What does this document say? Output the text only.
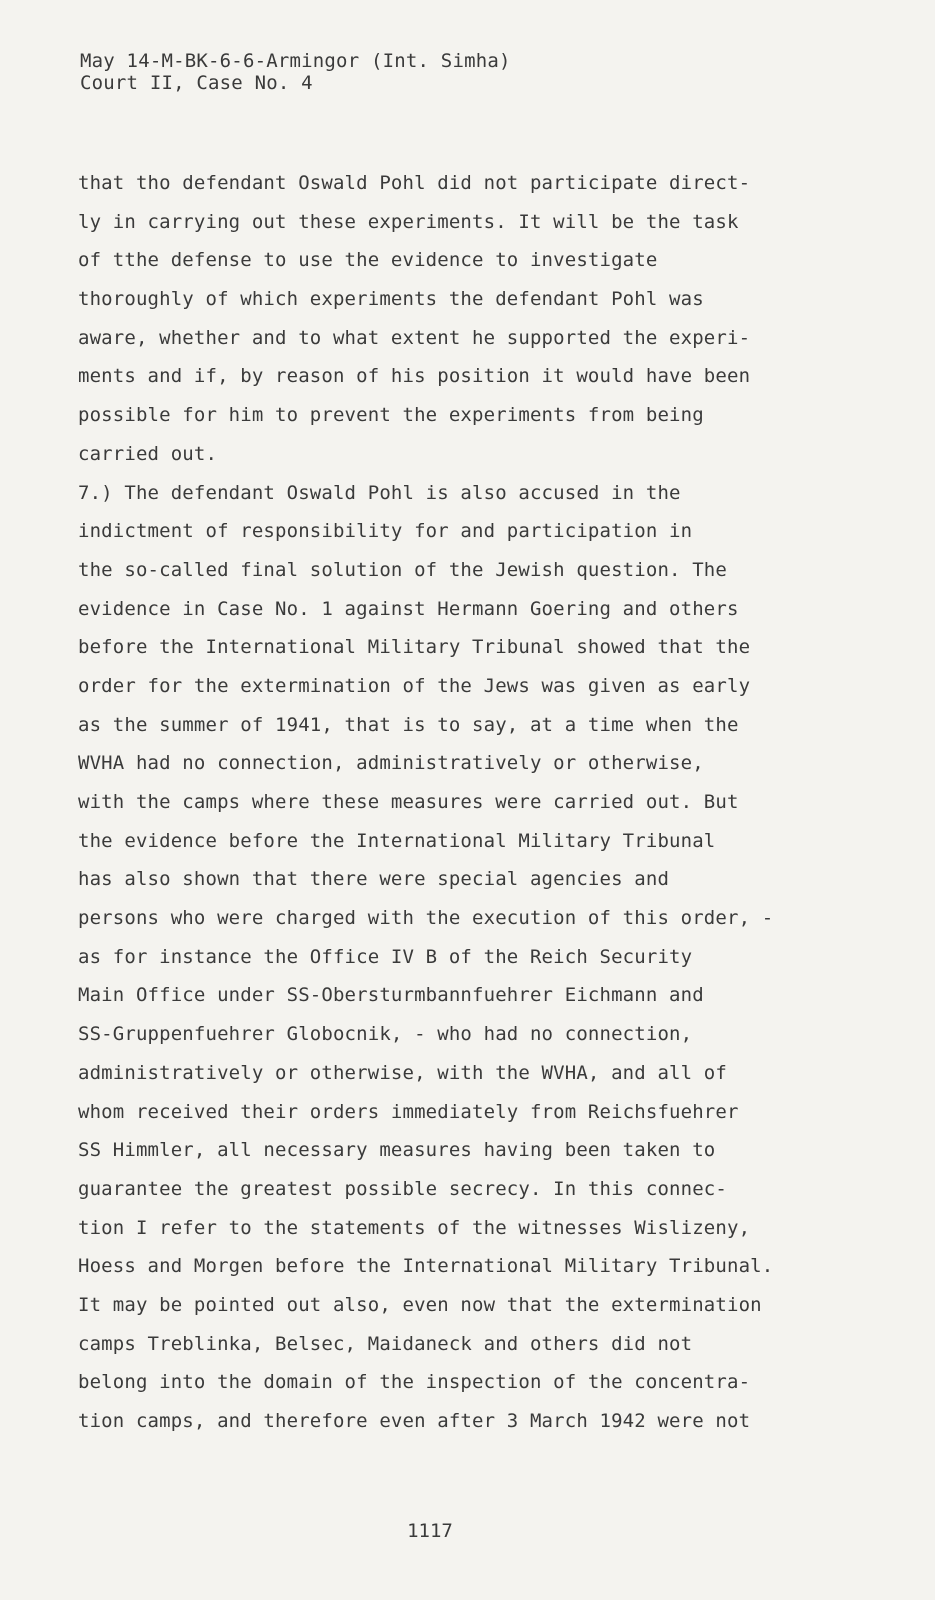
May 14-M-BK-6-6-Armingor (Int. Simha)
Court II, Case No. 4
that tho defendant Oswald Pohl did not participate direct-
ly in carrying out these experiments. It will be the task
of tthe defense to use the evidence to investigate
thoroughly of which experiments the defendant Pohl was
aware, whether and to what extent he supported the experi-
ments and if, by reason of his position it would have been
possible for him to prevent the experiments from being
carried out.
7.) The defendant Oswald Pohl is also accused in the
indictment of responsibility for and participation in
the so-called final solution of the Jewish question. The
evidence in Case No. 1 against Hermann Goering and others
before the International Military Tribunal showed that the
order for the extermination of the Jews was given as early
as the summer of 1941, that is to say, at a time when the
WVHA had no connection, administratively or otherwise,
with the camps where these measures were carried out. But
the evidence before the International Military Tribunal
has also shown that there were special agencies and
persons who were charged with the execution of this order, -
as for instance the Office IV B of the Reich Security
Main Office under SS-Obersturmbannfuehrer Eichmann and
SS-Gruppenfuehrer Globocnik, - who had no connection,
administratively or otherwise, with the WVHA, and all of
whom received their orders immediately from Reichsfuehrer
SS Himmler, all necessary measures having been taken to
guarantee the greatest possible secrecy. In this connec-
tion I refer to the statements of the witnesses Wislizeny,
Hoess and Morgen before the International Military Tribunal.
It may be pointed out also, even now that the extermination
camps Treblinka, Belsec, Maidaneck and others did not
belong into the domain of the inspection of the concentra-
tion camps, and therefore even after 3 March 1942 were not
1117
